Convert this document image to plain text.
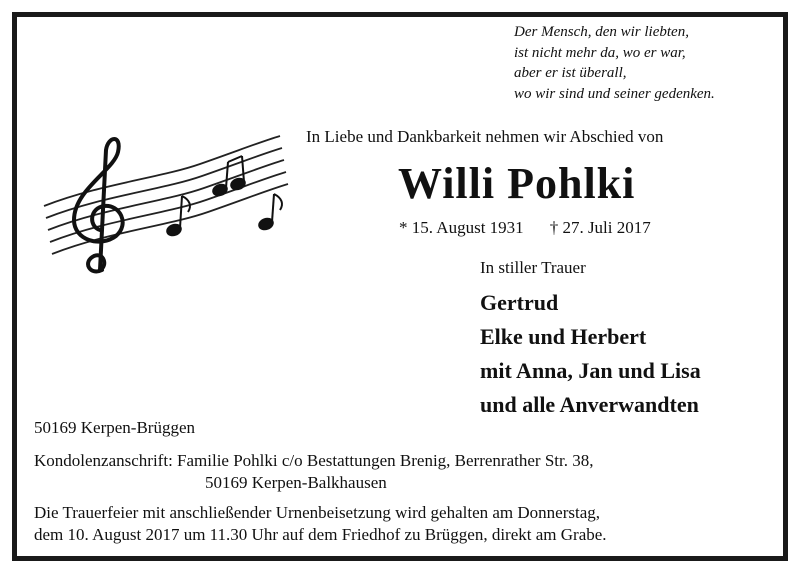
Der Mensch, den wir liebten,
ist nicht mehr da, wo er war,
aber er ist überall,
wo wir sind und seiner gedenken.
In Liebe und Dankbarkeit nehmen wir Abschied von
Willi Pohlki
* 15. August 1931 † 27. Juli 2017
In stiller Trauer
Gertrud
Elke und Herbert
mit Anna, Jan und Lisa
und alle Anverwandten
50169 Kerpen-Brüggen
Kondolenzanschrift: Familie Pohlki c/o Bestattungen Brenig, Berrenrather Str. 38,
50169 Kerpen-Balkhausen
Die Trauerfeier mit anschließender Urnenbeisetzung wird gehalten am Donnerstag,
dem 10. August 2017 um 11.30 Uhr auf dem Friedhof zu Brüggen, direkt am Grabe.
